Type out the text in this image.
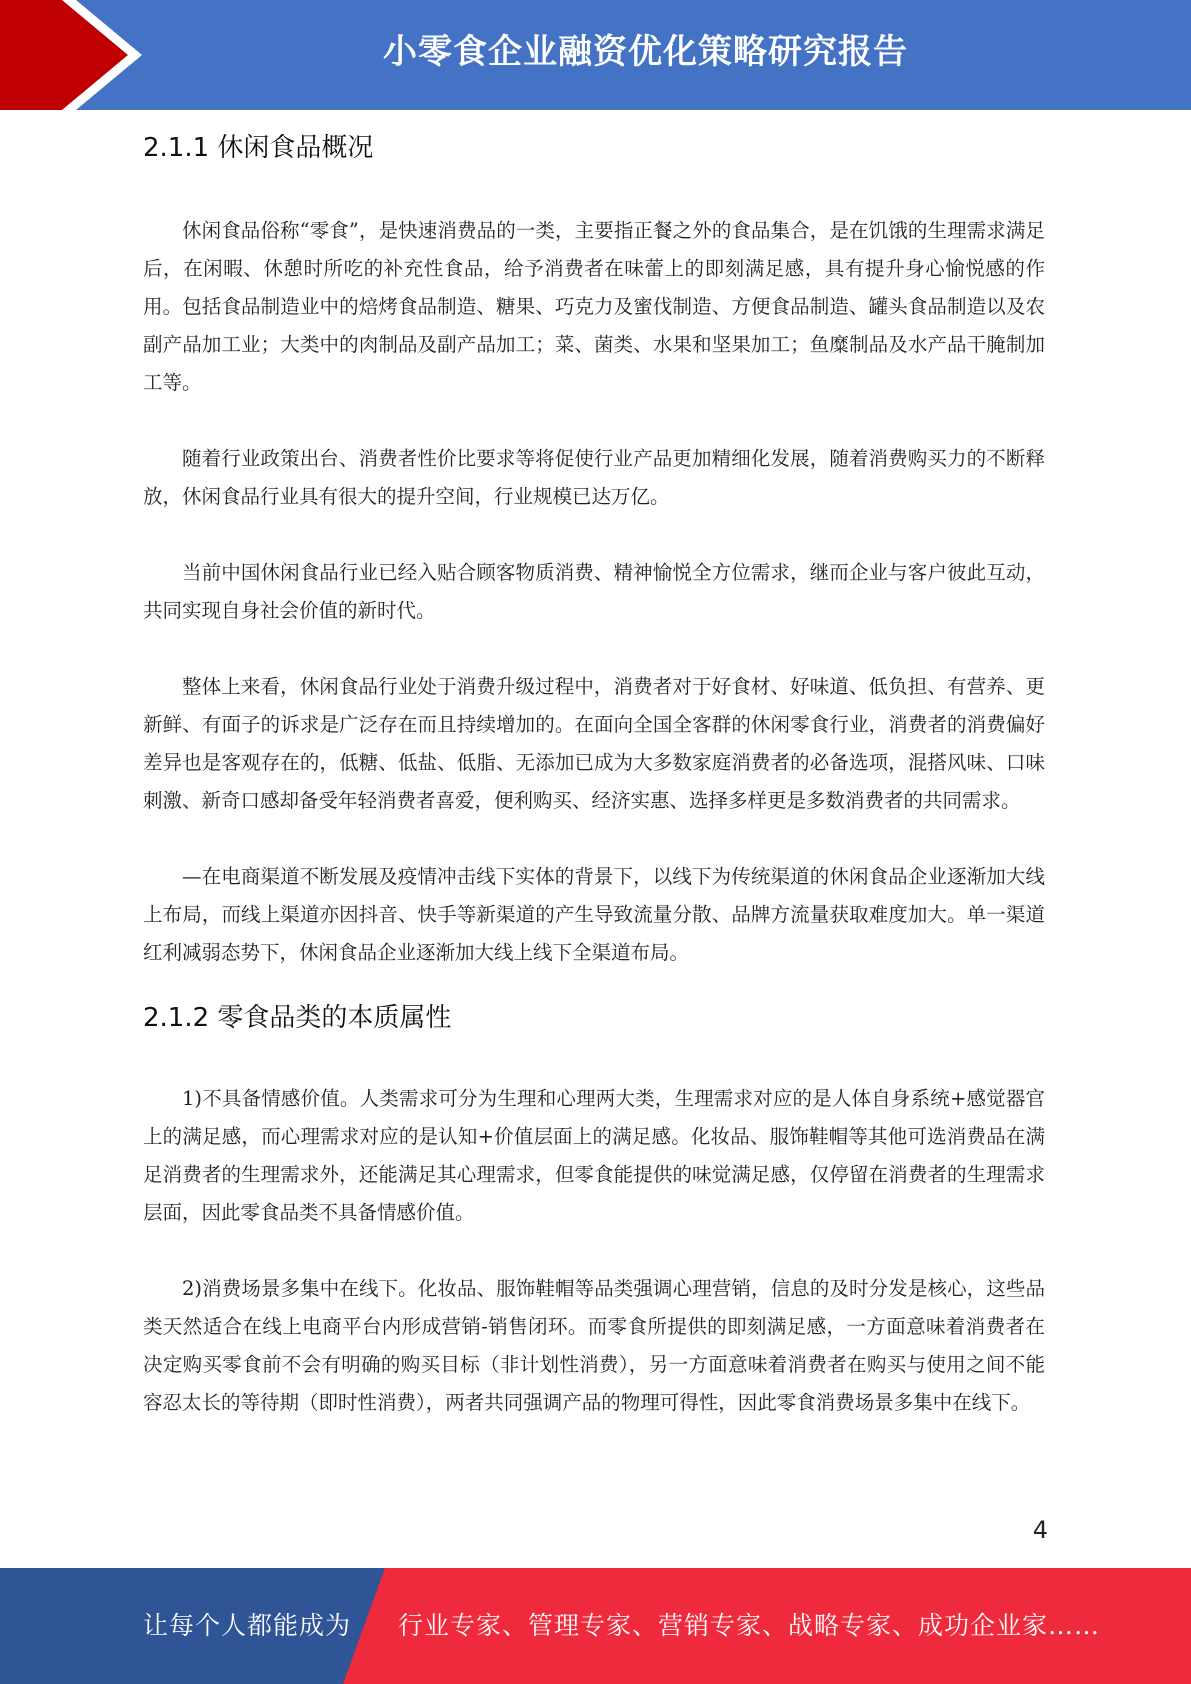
小零食企业融资优化策略研究报告
2.1.1 休闲食品概况

休闲食品俗称“零食”，是快速消费品的一类，主要指正餐之外的食品集合，是在饥饿的生理需求满足后，在闲暇、休憩时所吃的补充性食品，给予消费者在味蕾上的即刻满足感，具有提升身心愉悦感的作用。包括食品制造业中的焙烤食品制造、糖果、巧克力及蜜伐制造、方便食品制造、罐头食品制造以及农副产品加工业；大类中的肉制品及副产品加工；菜、菌类、水果和坚果加工；鱼糜制品及水产品干腌制加工等。

随着行业政策出台、消费者性价比要求等将促使行业产品更加精细化发展，随着消费购买力的不断释放，休闲食品行业具有很大的提升空间，行业规模已达万亿。

当前中国休闲食品行业已经入贴合顾客物质消费、精神愉悦全方位需求，继而企业与客户彼此互动，共同实现自身社会价值的新时代。

整体上来看，休闲食品行业处于消费升级过程中，消费者对于好食材、好味道、低负担、有营养、更新鲜、有面子的诉求是广泛存在而且持续增加的。在面向全国全客群的休闲零食行业，消费者的消费偏好差异也是客观存在的，低糖、低盐、低脂、无添加已成为大多数家庭消费者的必备选项，混搭风味、口味刺激、新奇口感却备受年轻消费者喜爱，便利购买、经济实惠、选择多样更是多数消费者的共同需求。

—在电商渠道不断发展及疫情冲击线下实体的背景下，以线下为传统渠道的休闲食品企业逐渐加大线上布局，而线上渠道亦因抖音、快手等新渠道的产生导致流量分散、品牌方流量获取难度加大。单一渠道红利减弱态势下，休闲食品企业逐渐加大线上线下全渠道布局。

2.1.2 零食品类的本质属性

1)不具备情感价值。人类需求可分为生理和心理两大类，生理需求对应的是人体自身系统+感觉器官上的满足感，而心理需求对应的是认知+价值层面上的满足感。化妆品、服饰鞋帽等其他可选消费品在满足消费者的生理需求外，还能满足其心理需求，但零食能提供的味觉满足感，仅停留在消费者的生理需求层面，因此零食品类不具备情感价值。

2)消费场景多集中在线下。化妆品、服饰鞋帽等品类强调心理营销，信息的及时分发是核心，这些品类天然适合在线上电商平台内形成营销-销售闭环。而零食所提供的即刻满足感，一方面意味着消费者在决定购买零食前不会有明确的购买目标（非计划性消费），另一方面意味着消费者在购买与使用之间不能容忍太长的等待期（即时性消费），两者共同强调产品的物理可得性，因此零食消费场景多集中在线下。

4
让每个人都能成为 行业专家、管理专家、营销专家、战略专家、成功企业家……
